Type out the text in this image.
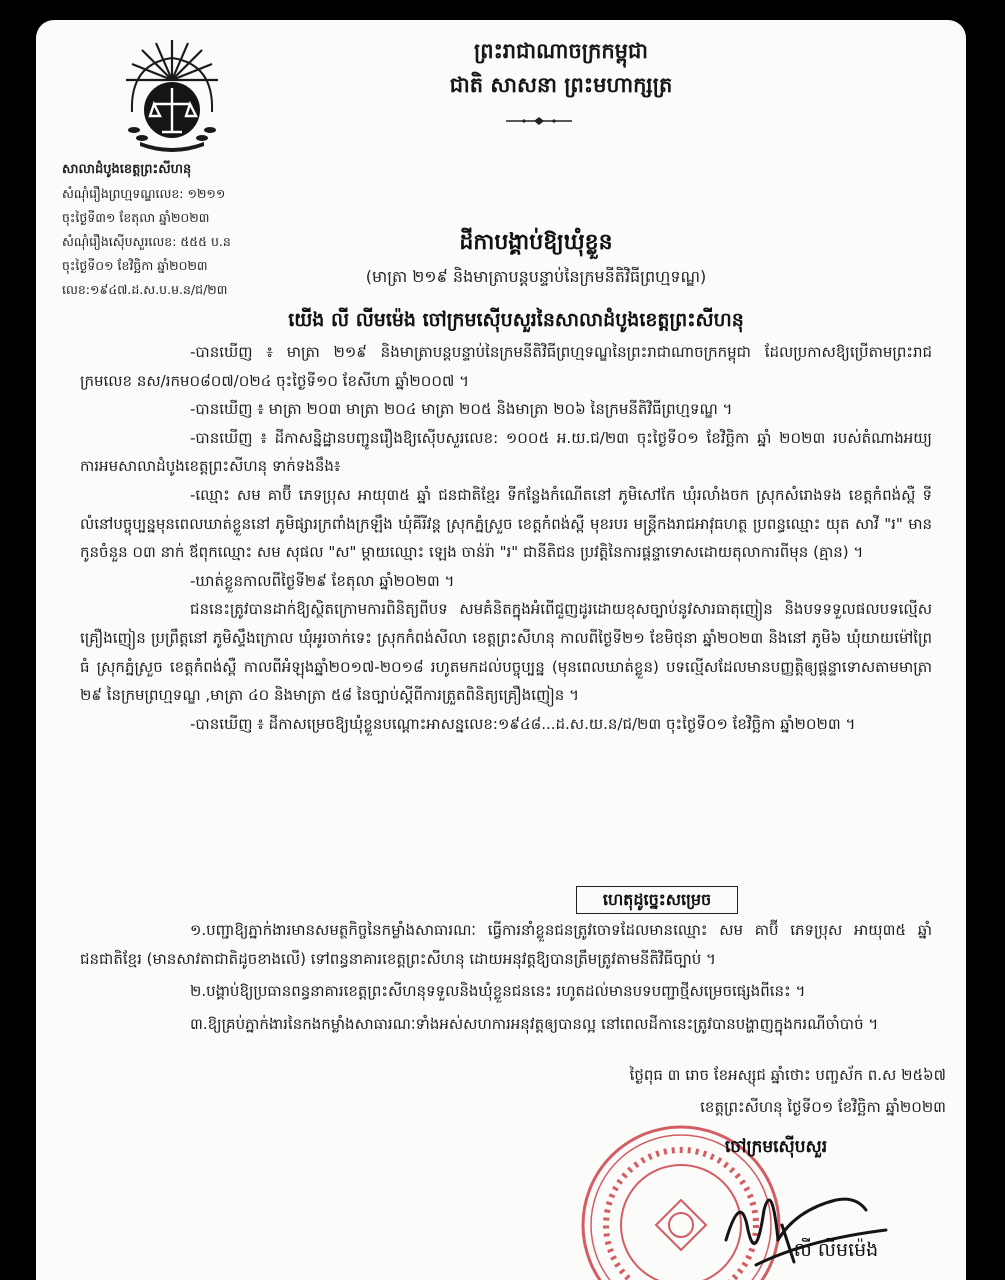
ព្រះរាជាណាចក្រកម្ពុជា
ជាតិ សាសនា ព្រះមហាក្សត្រ
សាលាដំបូងខេត្តព្រះសីហនុ
សំណុំរឿងព្រហ្មទណ្ឌលេខ: ១២១១
ចុះថ្ងៃទី៣១ ខែតុលា ឆ្នាំ២០២៣
សំណុំរឿងស៊ើបសួរលេខ: ៥៥៥ ប.ន
ចុះថ្ងៃទី០១ ខែវិច្ឆិកា ឆ្នាំ២០២៣
លេខ:១៩៤៧.ដ.ស.ប.ម.ន/ជ/២៣
ដីកាបង្គាប់ឱ្យឃុំខ្លួន
(មាត្រា ២១៩ និងមាត្រាបន្តបន្ទាប់នៃក្រមនីតិវិធីព្រហ្មទណ្ឌ)
យើង លី លីមម៉េង ចៅក្រមស៊ើបសួរនៃសាលាដំបូងខេត្តព្រះសីហនុ

-បានឃើញ ៖ មាត្រា ២១៩ និងមាត្រាបន្តបន្ទាប់នៃក្រមនីតិវិធីព្រហ្មទណ្ឌនៃព្រះរាជាណាចក្រកម្ពុជា ដែលប្រកាសឱ្យប្រើតាមព្រះរាជក្រមលេខ នស/រកម០៨០៧/០២៤ ចុះថ្ងៃទី១០ ខែសីហា ឆ្នាំ២០០៧ ។

-បានឃើញ ៖ មាត្រា ២០៣ មាត្រា ២០៤ មាត្រា ២០៥ និងមាត្រា ២០៦ នៃក្រមនីតិវិធីព្រហ្មទណ្ឌ ។

-បានឃើញ ៖ ដីកាសន្និដ្ឋានបញ្ជូនរឿងឱ្យស៊ើបសួរលេខ: ១០០៥ អ.យ.ជ/២៣ ចុះថ្ងៃទី០១ ខែវិច្ឆិកា ឆ្នាំ ២០២៣ របស់តំណាងអយ្យការអមសាលាដំបូងខេត្តព្រះសីហនុ ទាក់ទងនឹង៖

-ឈ្មោះ សម គាប៊ី ភេទប្រុស អាយុ៣៥ ឆ្នាំ ជនជាតិខ្មែរ ទីកន្លែងកំណើតនៅ ភូមិសៅកែ ឃុំរលាំងចក ស្រុកសំរោងទង ខេត្តកំពង់ស្ពឺ ទីលំនៅបច្ចុប្បន្នមុនពេលឃាត់ខ្លួននៅ ភូមិផ្សារក្រពាំងក្រឡឹង ឃុំគីរីវន្ត ស្រុកភ្នំស្រួច ខេត្តកំពង់ស្ពឺ មុខរបរ មន្ត្រីកងរាជអាវុធហត្ថ ប្រពន្ធឈ្មោះ យុត សាវី "រ" មានកូនចំនួន ០៣ នាក់ ឪពុកឈ្មោះ សម សុផល "ស" ម្តាយឈ្មោះ ឡេង ចាន់រ៉ា "រ" ជានីតិជន ប្រវត្តិនៃការផ្តន្ទាទោសដោយតុលាការពីមុន (គ្មាន) ។

-ឃាត់ខ្លួនកាលពីថ្ងៃទី២៩ ខែតុលា ឆ្នាំ២០២៣ ។

ជននេះត្រូវបានដាក់ឱ្យស្ថិតក្រោមការពិនិត្យពីបទ សមគំនិតក្នុងអំពើជួញដូរដោយខុសច្បាប់នូវសារធាតុញៀន និងបទទទួលផលបទល្មើសគ្រឿងញៀន ប្រព្រឹត្តនៅ ភូមិស្ទឹងក្រោល ឃុំអូរចាក់ទេះ ស្រុកកំពង់សីលា ខេត្តព្រះសីហនុ កាលពីថ្ងៃទី២១ ខែមិថុនា ឆ្នាំ២០២៣ និងនៅ ភូមិ៦ ឃុំយាយម៉ៅព្រៃធំ ស្រុកភ្នំស្រួច ខេត្តកំពង់ស្ពឺ កាលពីអំឡុងឆ្នាំ២០១៧-២០១៨ រហូតមកដល់បច្ចុប្បន្ន (មុនពេលឃាត់ខ្លួន) បទល្មើសដែលមានបញ្ញត្តិឲ្យផ្តន្ទាទោសតាមមាត្រា ២៩ នៃក្រមព្រហ្មទណ្ឌ ,មាត្រា ៤០ និងមាត្រា ៥៨ នៃច្បាប់ស្តីពីការត្រួតពិនិត្យគ្រឿងញៀន ។

-បានឃើញ ៖ ដីកាសម្រេចឱ្យឃុំខ្លួនបណ្តោះអាសន្នលេខ:១៩៤៨...ដ.ស.យ.ន/ជ/២៣ ចុះថ្ងៃទី០១ ខែវិច្ឆិកា ឆ្នាំ២០២៣ ។

ហេតុដូច្នេះសម្រេច

១.បញ្ជាឱ្យភ្នាក់ងារមានសមត្ថកិច្ចនៃកម្លាំងសាធារណៈ ធ្វើការនាំខ្លួនជនត្រូវចោទដែលមានឈ្មោះ សម គាប៊ី ភេទប្រុស អាយុ៣៥ ឆ្នាំ ជនជាតិខ្មែរ (មានសាវតាជាតិដូចខាងលើ) ទៅពន្ធនាគារខេត្តព្រះសីហនុ ដោយអនុវត្តឱ្យបានត្រឹមត្រូវតាមនីតិវិធីច្បាប់ ។

២.បង្គាប់ឱ្យប្រធានពន្ធនាគារខេត្តព្រះសីហនុទទួលនិងឃុំខ្លួនជននេះ រហូតដល់មានបទបញ្ជាថ្មីសម្រេចផ្សេងពីនេះ ។

៣.ឱ្យគ្រប់ភ្នាក់ងារនៃកងកម្លាំងសាធារណៈទាំងអស់សហការអនុវត្តឲ្យបានល្អ នៅពេលដីកានេះត្រូវបានបង្ហាញក្នុងករណីចាំបាច់ ។

ថ្ងៃពុធ ៣ រោច ខែអស្សុជ ឆ្នាំថោះ បញ្ចស័ក ព.ស ២៥៦៧
ខេត្តព្រះសីហនុ ថ្ងៃទី០១ ខែវិច្ឆិកា ឆ្នាំ២០២៣
ចៅក្រមស៊ើបសួរ
លី លីមម៉េង
